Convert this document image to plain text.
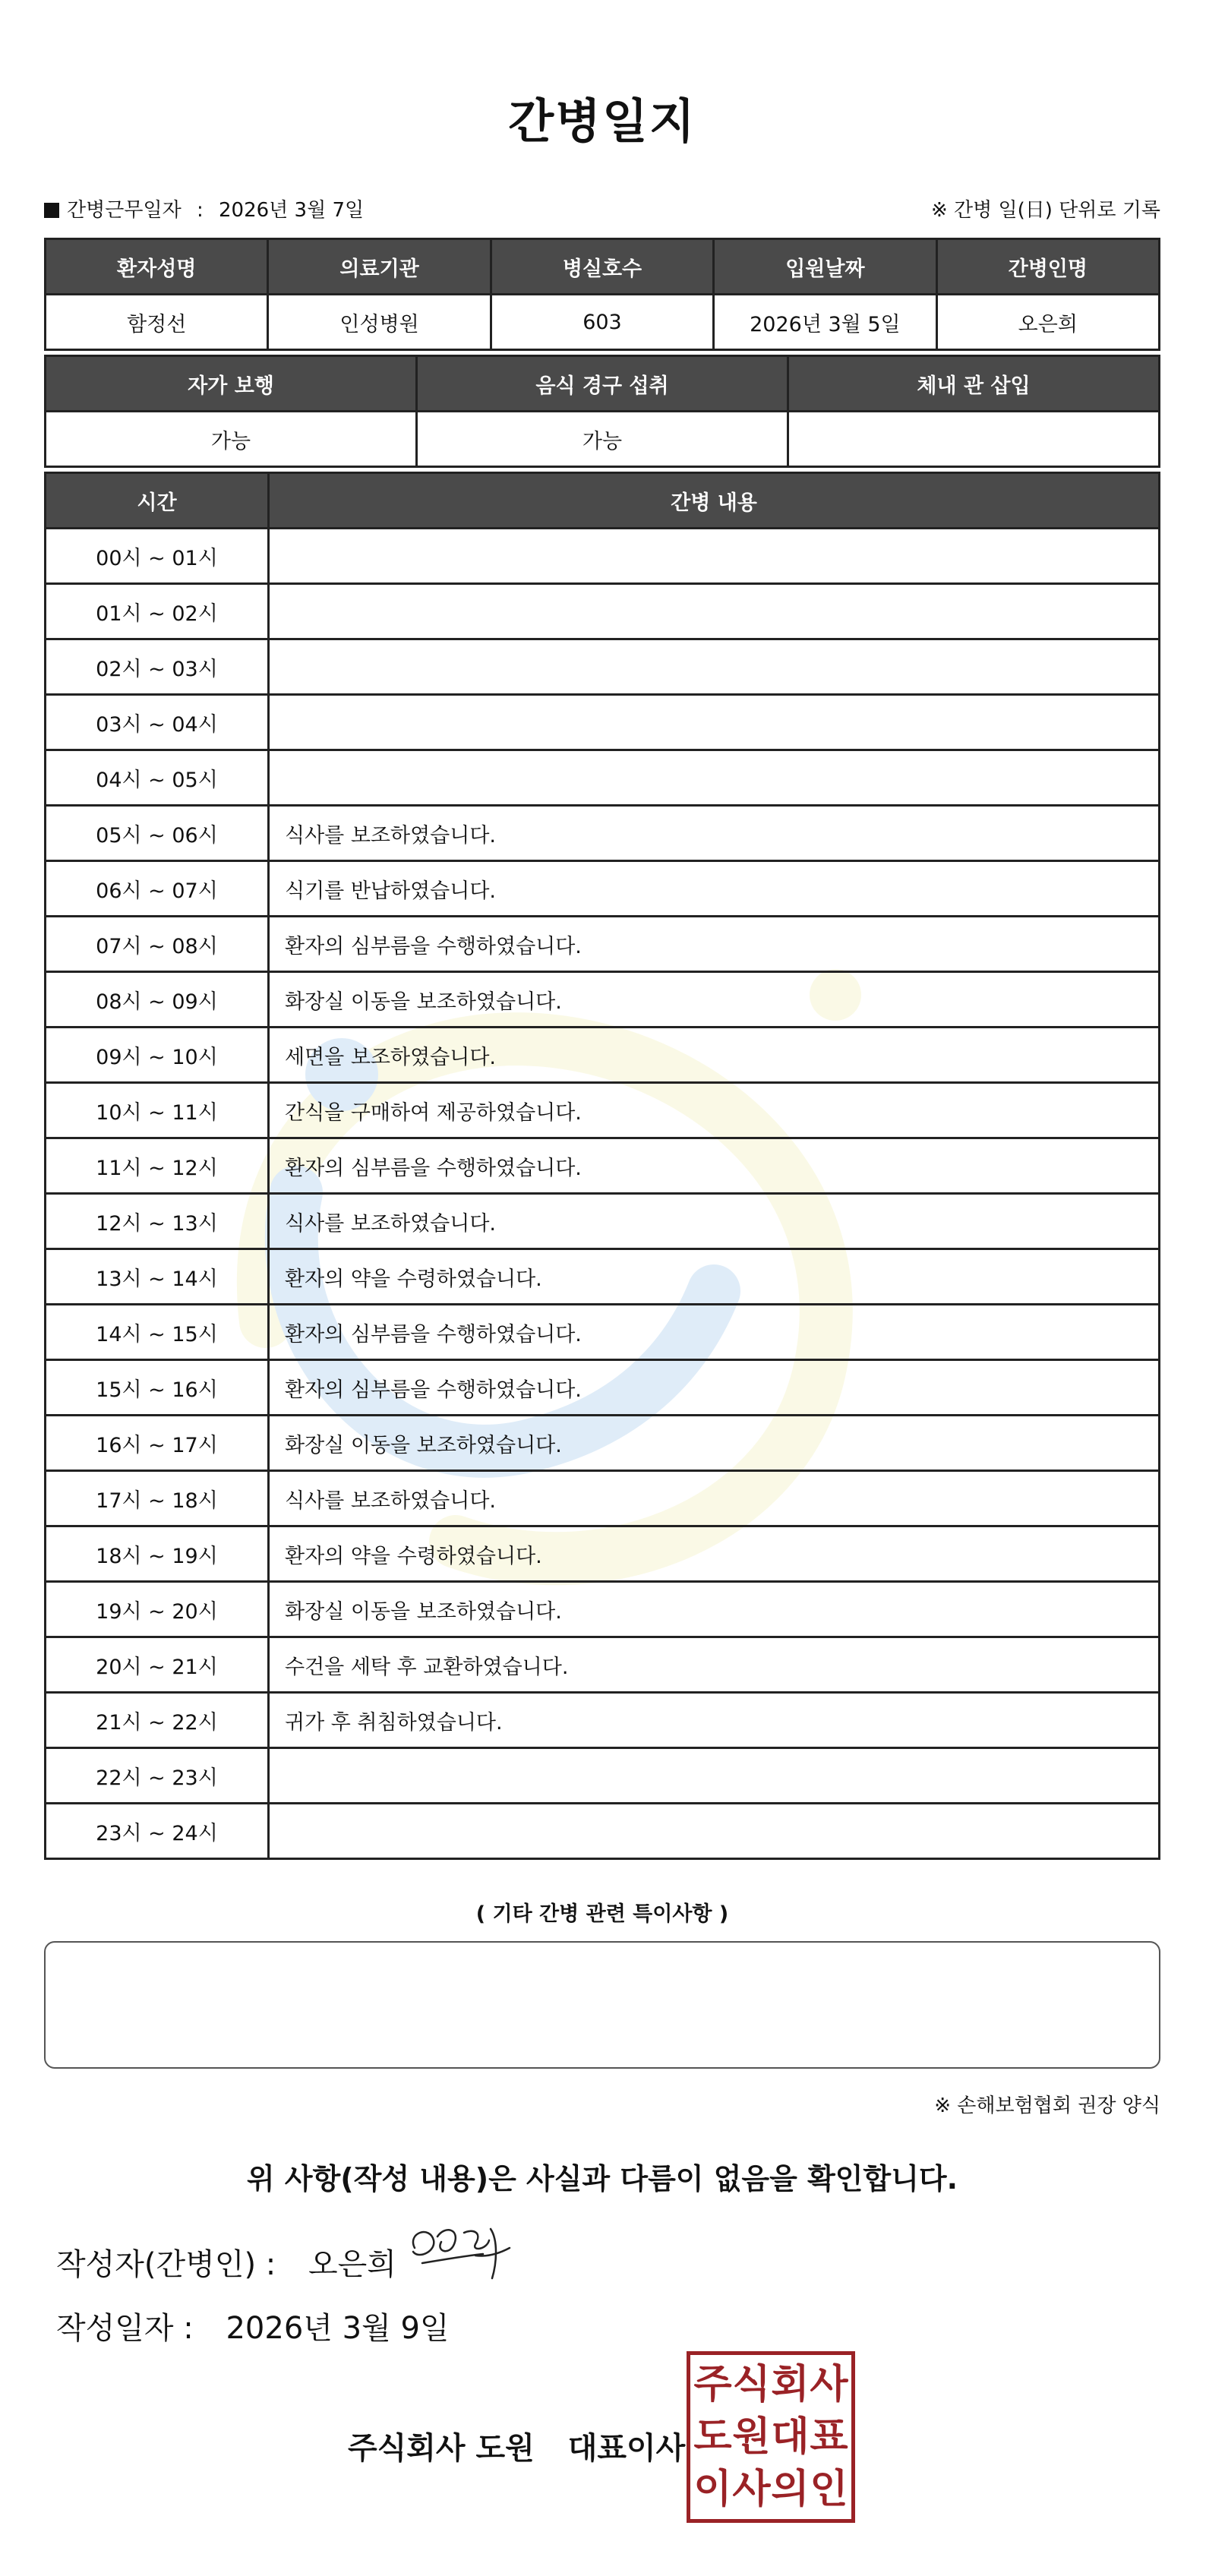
간병일지
간병근무일자 : 2026년 3월 7일	※ 간병 일(日) 단위로 기록
환자성명	의료기관	병실호수	입원날짜	간병인명
함정선	인성병원	603	2026년 3월 5일	오은희
자가 보행	음식 경구 섭취	체내 관 삽입
가능	가능	
시간	간병 내용
00시 ~ 01시	
01시 ~ 02시	
02시 ~ 03시	
03시 ~ 04시	
04시 ~ 05시	
05시 ~ 06시	식사를 보조하였습니다.
06시 ~ 07시	식기를 반납하였습니다.
07시 ~ 08시	환자의 심부름을 수행하였습니다.
08시 ~ 09시	화장실 이동을 보조하였습니다.
09시 ~ 10시	세면을 보조하였습니다.
10시 ~ 11시	간식을 구매하여 제공하였습니다.
11시 ~ 12시	환자의 심부름을 수행하였습니다.
12시 ~ 13시	식사를 보조하였습니다.
13시 ~ 14시	환자의 약을 수령하였습니다.
14시 ~ 15시	환자의 심부름을 수행하였습니다.
15시 ~ 16시	환자의 심부름을 수행하였습니다.
16시 ~ 17시	화장실 이동을 보조하였습니다.
17시 ~ 18시	식사를 보조하였습니다.
18시 ~ 19시	환자의 약을 수령하였습니다.
19시 ~ 20시	화장실 이동을 보조하였습니다.
20시 ~ 21시	수건을 세탁 후 교환하였습니다.
21시 ~ 22시	귀가 후 취침하였습니다.
22시 ~ 23시	
23시 ~ 24시	
( 기타 간병 관련 특이사항 )
※ 손해보험협회 권장 양식
위 사항(작성 내용)은 사실과 다름이 없음을 확인합니다.
작성자(간병인) : 오은희
작성일자 : 2026년 3월 9일
주식회사 도원 대표이사
주 식 회 사
도 원 대 표
이 사 의 인
